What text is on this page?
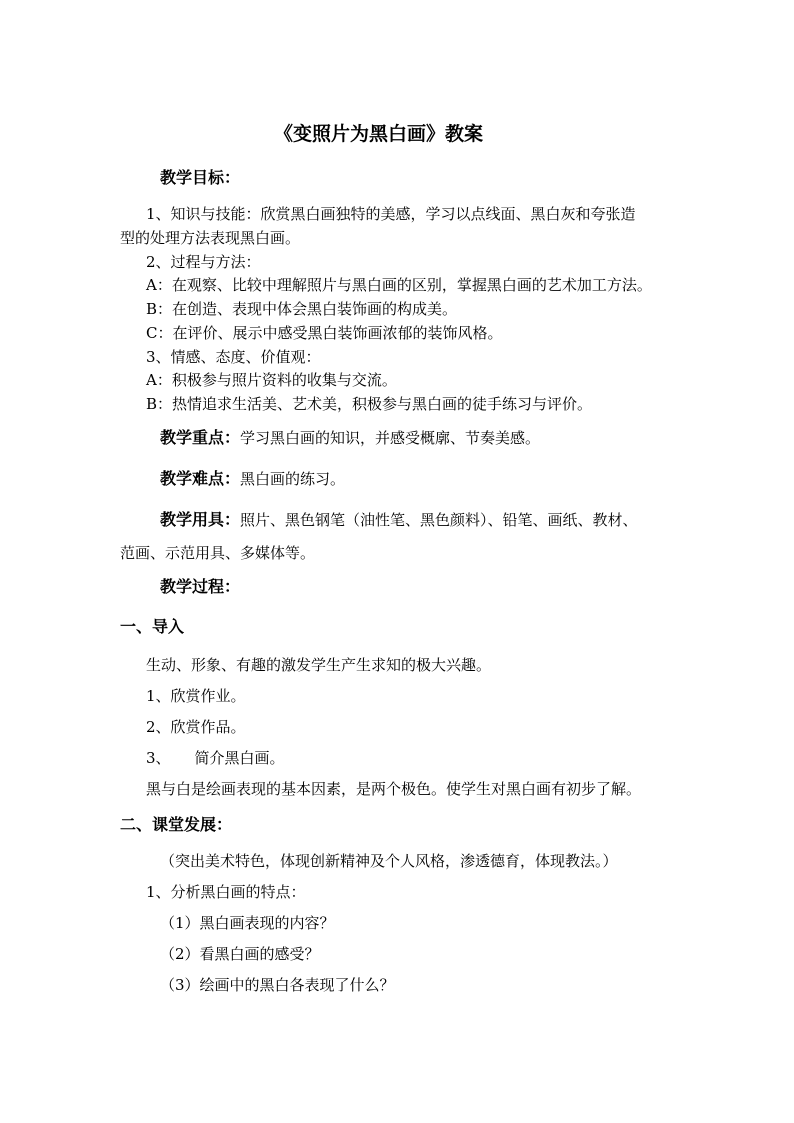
《变照片为黑白画》教案
教学目标：
1、知识与技能：欣赏黑白画独特的美感，学习以点线面、黑白灰和夸张造
型的处理方法表现黑白画。
2、过程与方法：
A：在观察、比较中理解照片与黑白画的区别，掌握黑白画的艺术加工方法。
B：在创造、表现中体会黑白装饰画的构成美。
C：在评价、展示中感受黑白装饰画浓郁的装饰风格。
3、情感、态度、价值观：
A：积极参与照片资料的收集与交流。
B：热情追求生活美、艺术美，积极参与黑白画的徒手练习与评价。
教学重点：学习黑白画的知识，并感受概廓、节奏美感。
教学难点：黑白画的练习。
教学用具：照片、黑色钢笔（油性笔、黑色颜料）、铅笔、画纸、教材、
范画、示范用具、多媒体等。
教学过程：
一、导入
生动、形象、有趣的激发学生产生求知的极大兴趣。
1、欣赏作业。
2、欣赏作品。
3、 简介黑白画。
黑与白是绘画表现的基本因素，是两个极色。使学生对黑白画有初步了解。
二、课堂发展：
（突出美术特色，体现创新精神及个人风格，渗透德育，体现教法。）
1、分析黑白画的特点：
（1）黑白画表现的内容？
（2）看黑白画的感受？
（3）绘画中的黑白各表现了什么？
